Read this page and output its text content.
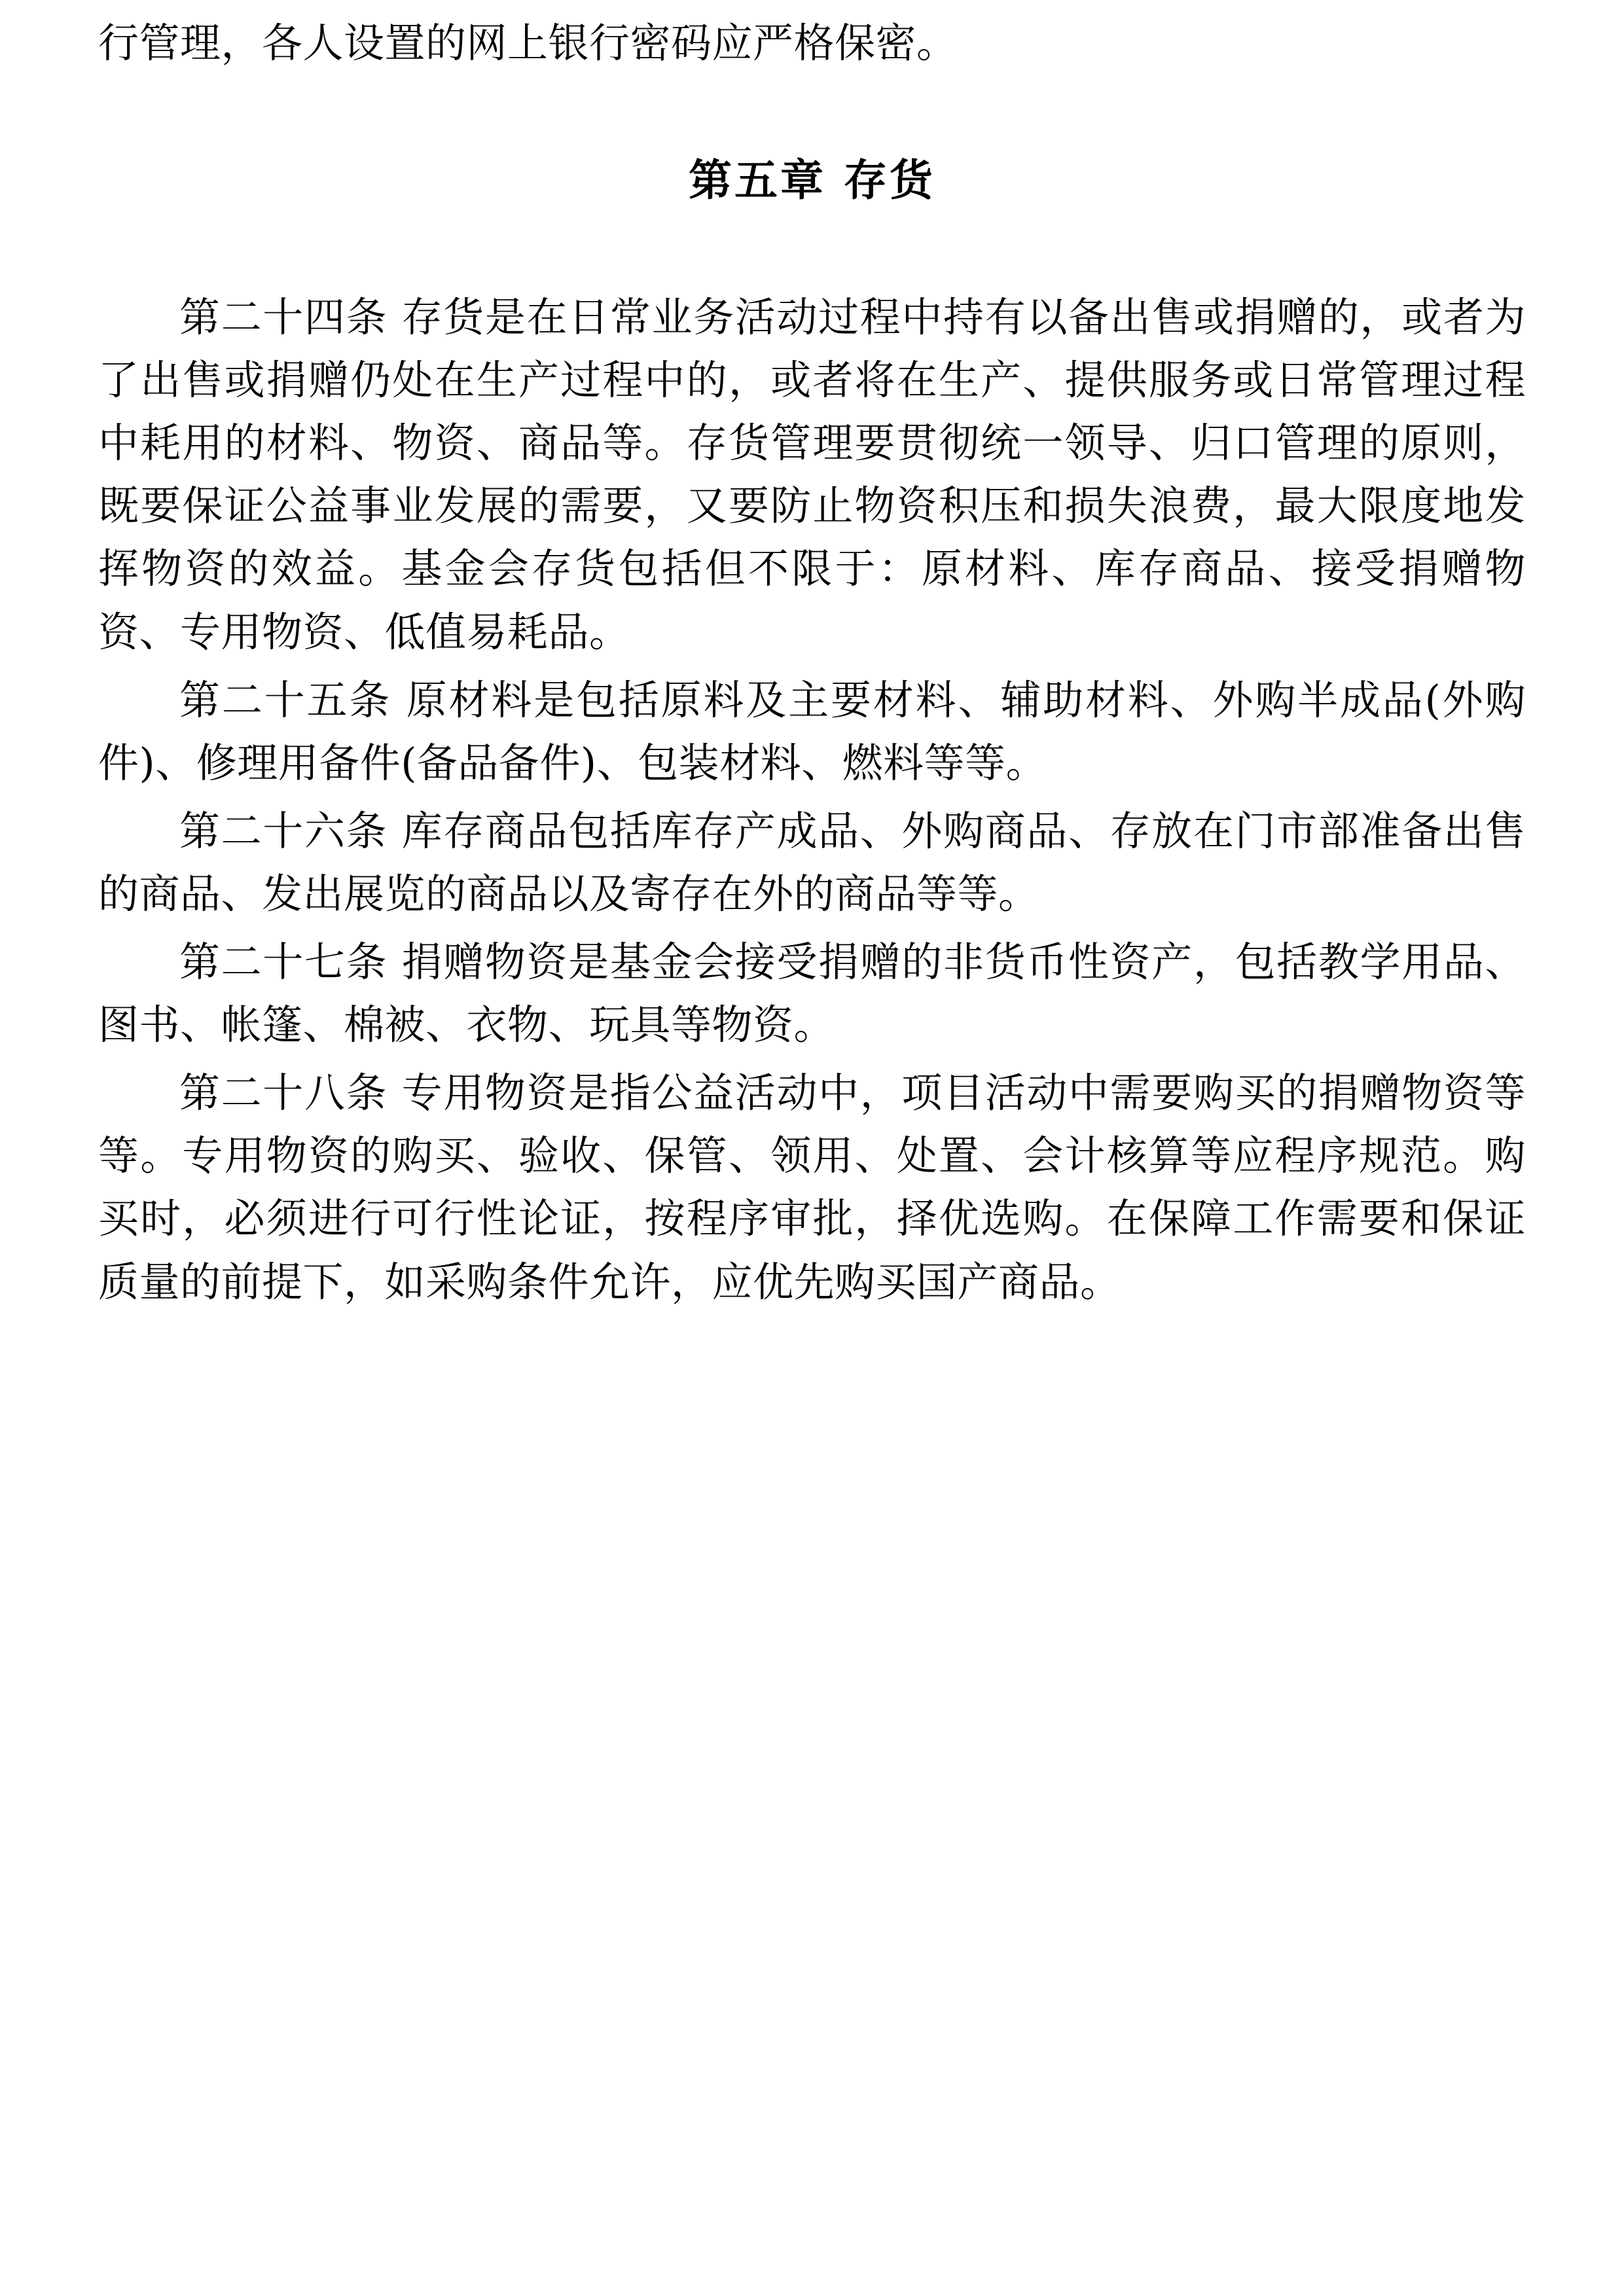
行管理，各人设置的网上银行密码应严格保密。

第五章 存货

第二十四条 存货是在日常业务活动过程中持有以备出售或捐赠的，或者为了出售或捐赠仍处在生产过程中的，或者将在生产、提供服务或日常管理过程中耗用的材料、物资、商品等。存货管理要贯彻统一领导、归口管理的原则，既要保证公益事业发展的需要，又要防止物资积压和损失浪费，最大限度地发挥物资的效益。基金会存货包括但不限于：原材料、库存商品、接受捐赠物资、专用物资、低值易耗品。

第二十五条 原材料是包括原料及主要材料、辅助材料、外购半成品(外购件)、修理用备件(备品备件)、包装材料、燃料等等。

第二十六条 库存商品包括库存产成品、外购商品、存放在门市部准备出售的商品、发出展览的商品以及寄存在外的商品等等。

第二十七条 捐赠物资是基金会接受捐赠的非货币性资产，包括教学用品、图书、帐篷、棉被、衣物、玩具等物资。

第二十八条 专用物资是指公益活动中，项目活动中需要购买的捐赠物资等等。专用物资的购买、验收、保管、领用、处置、会计核算等应程序规范。购买时，必须进行可行性论证，按程序审批，择优选购。在保障工作需要和保证质量的前提下，如采购条件允许，应优先购买国产商品。
